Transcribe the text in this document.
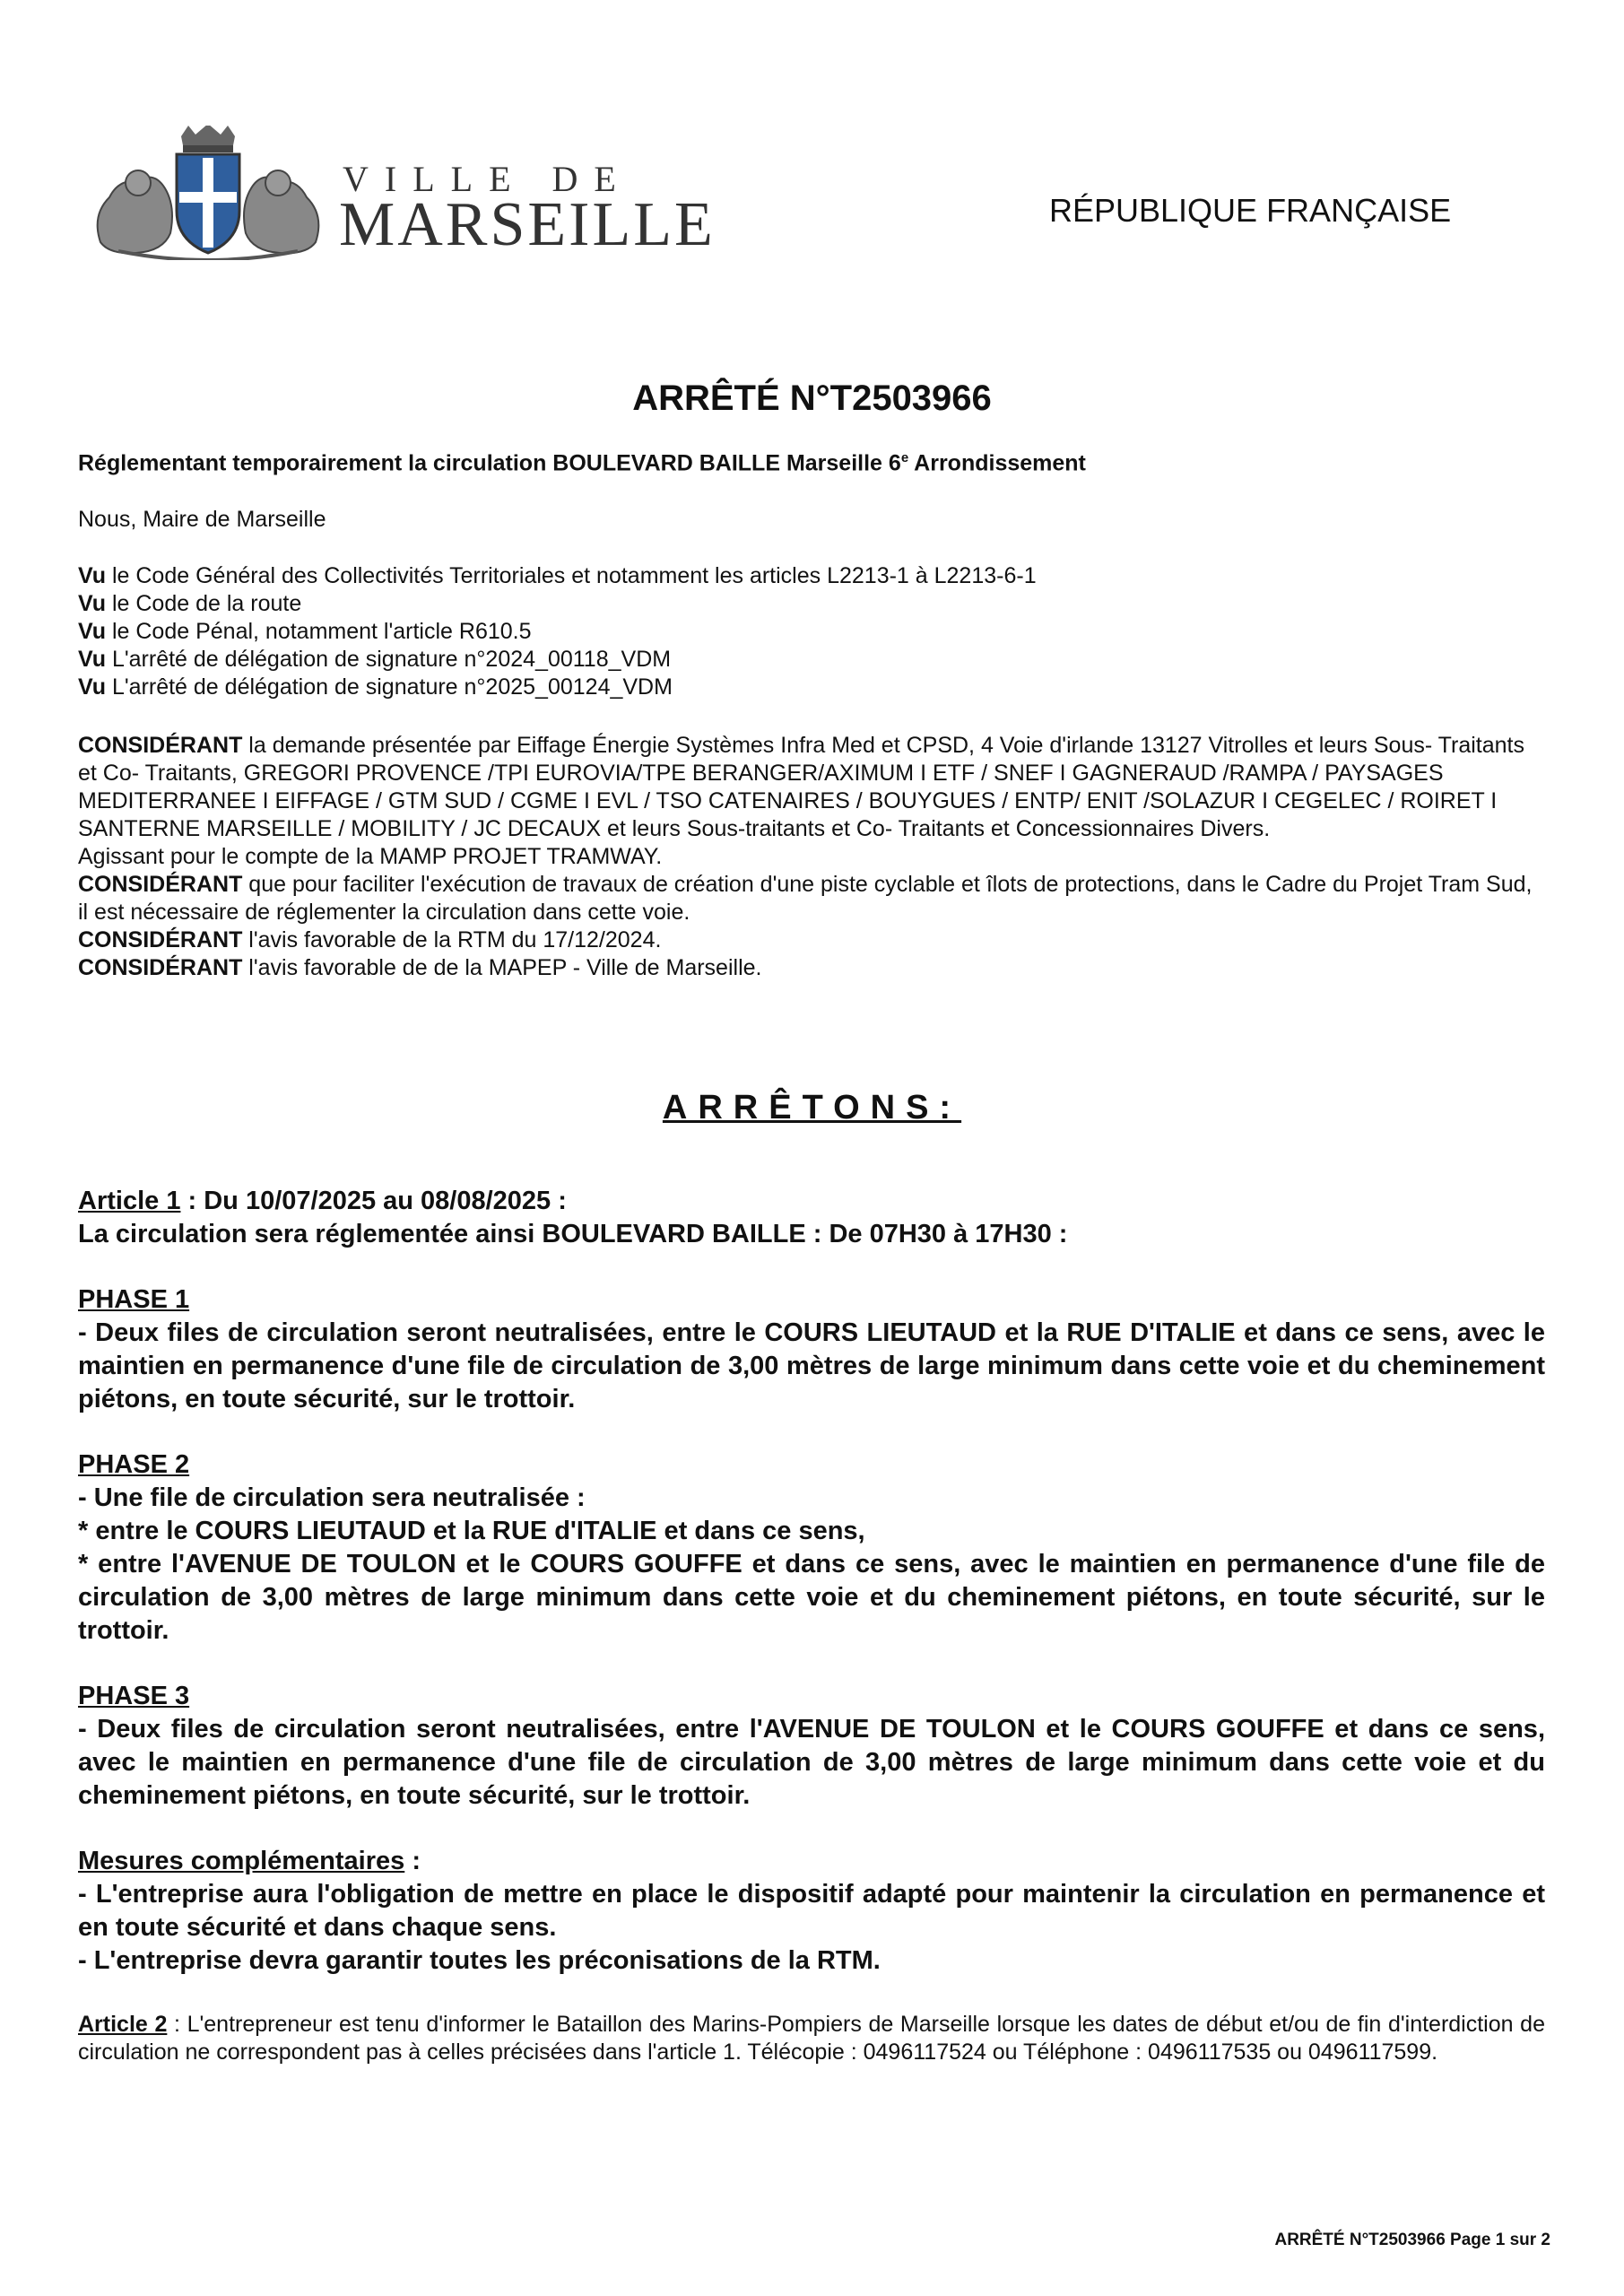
VILLE DE
MARSEILLE	RÉPUBLIQUE FRANÇAISE
ARRÊTÉ N°T2503966
Réglementant temporairement la circulation BOULEVARD BAILLE Marseille 6e Arrondissement
Nous, Maire de Marseille
Vu le Code Général des Collectivités Territoriales et notamment les articles L2213-1 à L2213-6-1
Vu le Code de la route
Vu le Code Pénal, notamment l'article R610.5
Vu L'arrêté de délégation de signature n°2024_00118_VDM
Vu L'arrêté de délégation de signature n°2025_00124_VDM
CONSIDÉRANT la demande présentée par Eiffage Énergie Systèmes Infra Med et CPSD, 4 Voie d'irlande 13127 Vitrolles et leurs Sous- Traitants et Co- Traitants, GREGORI PROVENCE /TPI EUROVIA/TPE BERANGER/AXIMUM I ETF / SNEF I GAGNERAUD /RAMPA / PAYSAGES MEDITERRANEE I EIFFAGE / GTM SUD / CGME I EVL / TSO CATENAIRES / BOUYGUES / ENTP/ ENIT /SOLAZUR I CEGELEC / ROIRET I SANTERNE MARSEILLE / MOBILITY / JC DECAUX et leurs Sous-traitants et Co- Traitants et Concessionnaires Divers.
Agissant pour le compte de la MAMP PROJET TRAMWAY.
CONSIDÉRANT que pour faciliter l'exécution de travaux de création d'une piste cyclable et îlots de protections, dans le Cadre du Projet Tram Sud, il est nécessaire de réglementer la circulation dans cette voie.
CONSIDÉRANT l'avis favorable de la RTM du 17/12/2024.
CONSIDÉRANT l'avis favorable de de la MAPEP - Ville de Marseille.
ARRÊTONS:
Article 1 : Du 10/07/2025 au 08/08/2025 :
La circulation sera réglementée ainsi BOULEVARD BAILLE : De 07H30 à 17H30 :
PHASE 1
- Deux files de circulation seront neutralisées, entre le COURS LIEUTAUD et la RUE D'ITALIE et dans ce sens, avec le maintien en permanence d'une file de circulation de 3,00 mètres de large minimum dans cette voie et du cheminement piétons, en toute sécurité, sur le trottoir.
PHASE 2
- Une file de circulation sera neutralisée :
* entre le COURS LIEUTAUD et la RUE d'ITALIE et dans ce sens,
* entre l'AVENUE DE TOULON et le COURS GOUFFE et dans ce sens, avec le maintien en permanence d'une file de circulation de 3,00 mètres de large minimum dans cette voie et du cheminement piétons, en toute sécurité, sur le trottoir.
PHASE 3
- Deux files de circulation seront neutralisées, entre l'AVENUE DE TOULON et le COURS GOUFFE et dans ce sens, avec le maintien en permanence d'une file de circulation de 3,00 mètres de large minimum dans cette voie et du cheminement piétons, en toute sécurité, sur le trottoir.
Mesures complémentaires :
- L'entreprise aura l'obligation de mettre en place le dispositif adapté pour maintenir la circulation en permanence et en toute sécurité et dans chaque sens.
- L'entreprise devra garantir toutes les préconisations de la RTM.
Article 2 : L'entrepreneur est tenu d'informer le Bataillon des Marins-Pompiers de Marseille lorsque les dates de début et/ou de fin d'interdiction de circulation ne correspondent pas à celles précisées dans l'article 1. Télécopie : 0496117524 ou Téléphone : 0496117535 ou 0496117599.
ARRÊTÉ N°T2503966 Page 1 sur 2
